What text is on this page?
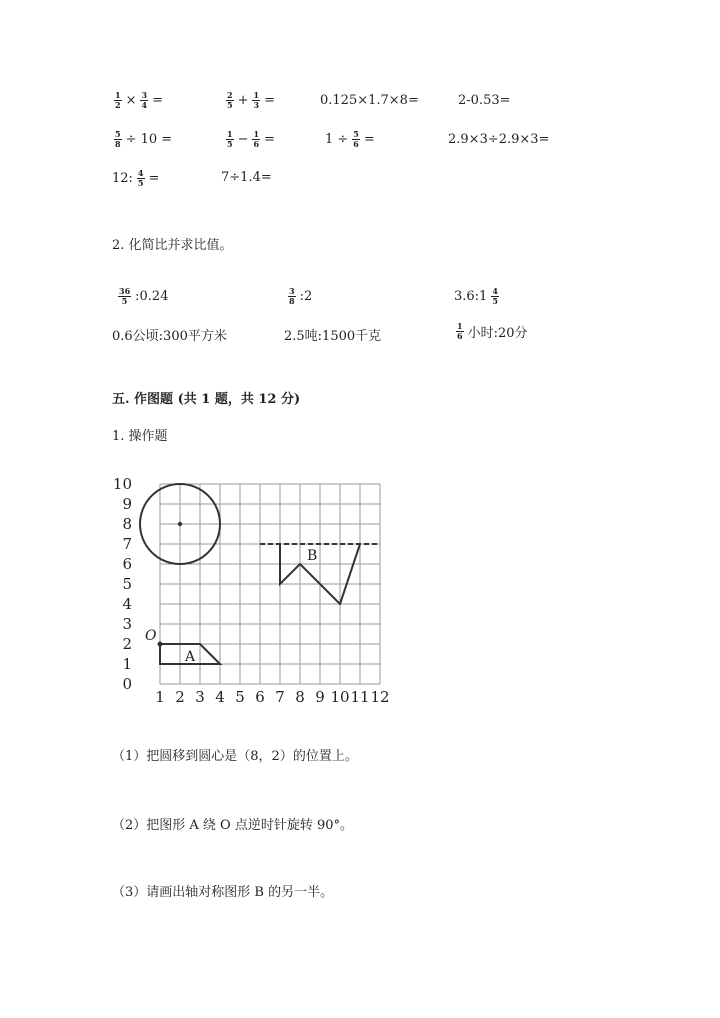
$\frac{1}{2} \times \frac{3}{4}$ =	$\frac{2}{5} + \frac{1}{3}$ =	0.125×1.7×8=	2-0.53=
$\frac{5}{8} \div 10$ =	$\frac{1}{5} - \frac{1}{6}$ =	$1 \div \frac{5}{6}$ =	2.9×3÷2.9×3=
12: $\frac{4}{5}$ =	7÷1.4=
2. 化简比并求比值。
$\frac{36}{5}$ :0.24	$\frac{3}{8}$ :2	3.6:1 $\frac{4}{5}$
0.6公顷:300平方米	2.5吨:1500千克	$\frac{1}{6}$ 小时:20分
五. 作图题 (共 1 题，共 12 分)
1. 操作题
1 2 3 4 5 6 7 8 9 10 11 12
0
1
2
3
4
5
6
7
8
9
10
O
A
B
（1）把圆移到圆心是（8，2）的位置上。
（2）把图形 A 绕 O 点逆时针旋转 90°。
（3）请画出轴对称图形 B 的另一半。
